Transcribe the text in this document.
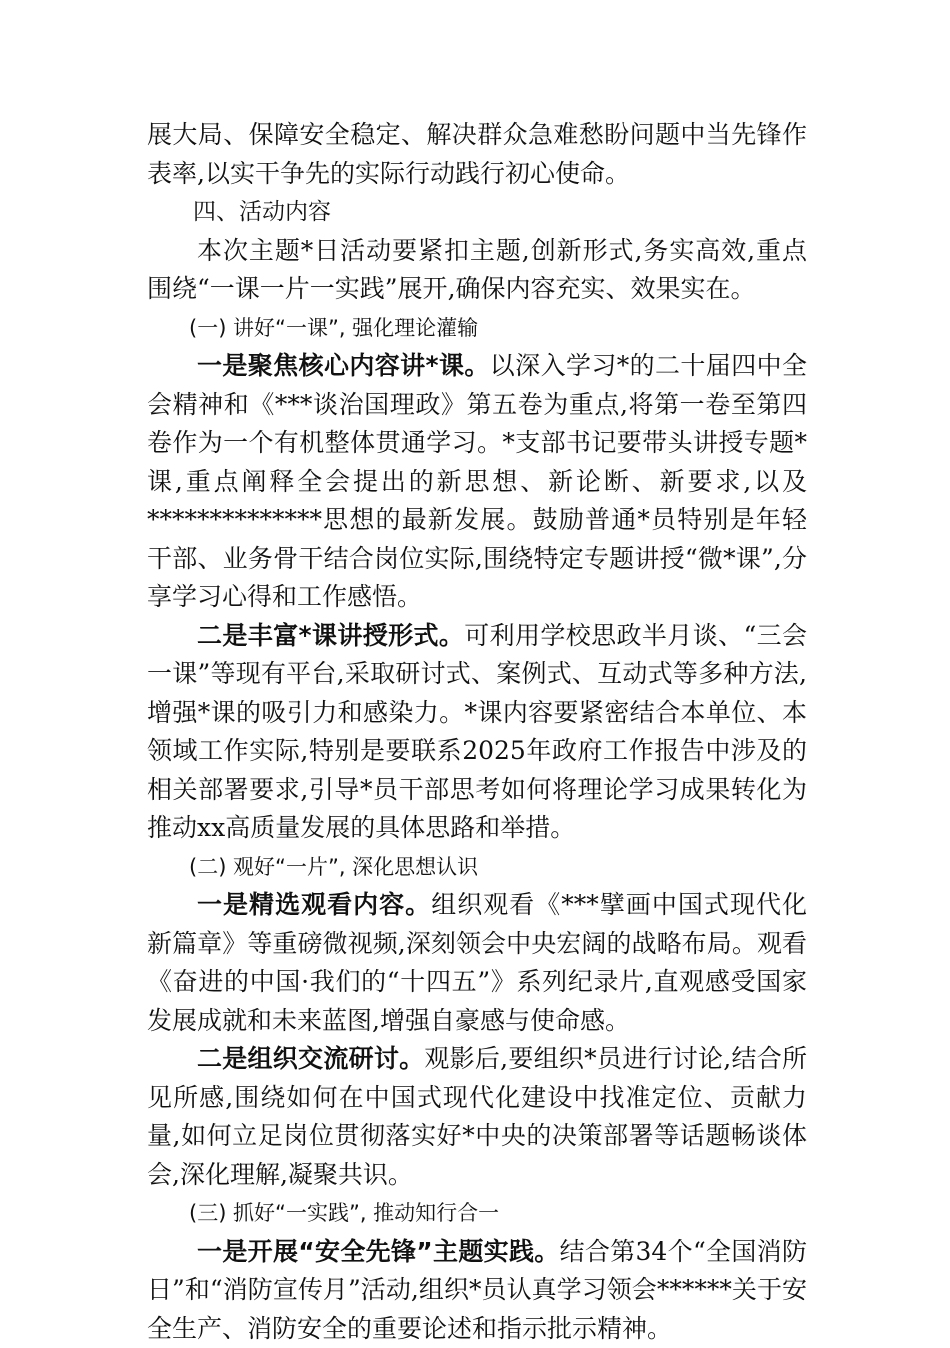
展大局、保障安全稳定、解决群众急难愁盼问题中当先锋作表率,以实干争先的实际行动践行初心使命。

四、活动内容

本次主题*日活动要紧扣主题,创新形式,务实高效,重点围绕“一课一片一实践”展开,确保内容充实、效果实在。

(一) 讲好“一课”, 强化理论灌输

一是聚焦核心内容讲*课。以深入学习*的二十届四中全会精神和《***谈治国理政》第五卷为重点,将第一卷至第四卷作为一个有机整体贯通学习。*支部书记要带头讲授专题*课,重点阐释全会提出的新思想、新论断、新要求,以及**************思想的最新发展。鼓励普通*员特别是年轻干部、业务骨干结合岗位实际,围绕特定专题讲授“微*课”,分享学习心得和工作感悟。

二是丰富*课讲授形式。可利用学校思政半月谈、“三会一课”等现有平台,采取研讨式、案例式、互动式等多种方法,增强*课的吸引力和感染力。*课内容要紧密结合本单位、本领域工作实际,特别是要联系2025年政府工作报告中涉及的相关部署要求,引导*员干部思考如何将理论学习成果转化为推动xx高质量发展的具体思路和举措。

(二) 观好“一片”, 深化思想认识

一是精选观看内容。组织观看《***擘画中国式现代化新篇章》等重磅微视频,深刻领会中央宏阔的战略布局。观看《奋进的中国·我们的“十四五”》系列纪录片,直观感受国家发展成就和未来蓝图,增强自豪感与使命感。

二是组织交流研讨。观影后,要组织*员进行讨论,结合所见所感,围绕如何在中国式现代化建设中找准定位、贡献力量,如何立足岗位贯彻落实好*中央的决策部署等话题畅谈体会,深化理解,凝聚共识。

(三) 抓好“一实践”, 推动知行合一

一是开展“安全先锋”主题实践。结合第34个“全国消防日”和“消防宣传月”活动,组织*员认真学习领会******关于安全生产、消防安全的重要论述和指示批示精神。
